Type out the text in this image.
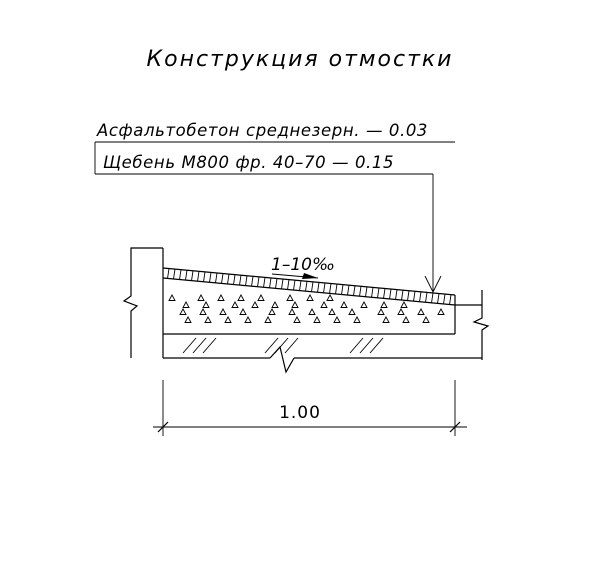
Конструкция отмостки
Асфальтобетон среднезерн. — 0.03
Щебень М800 фр. 40–70 — 0.15
1–10‰
1.00
